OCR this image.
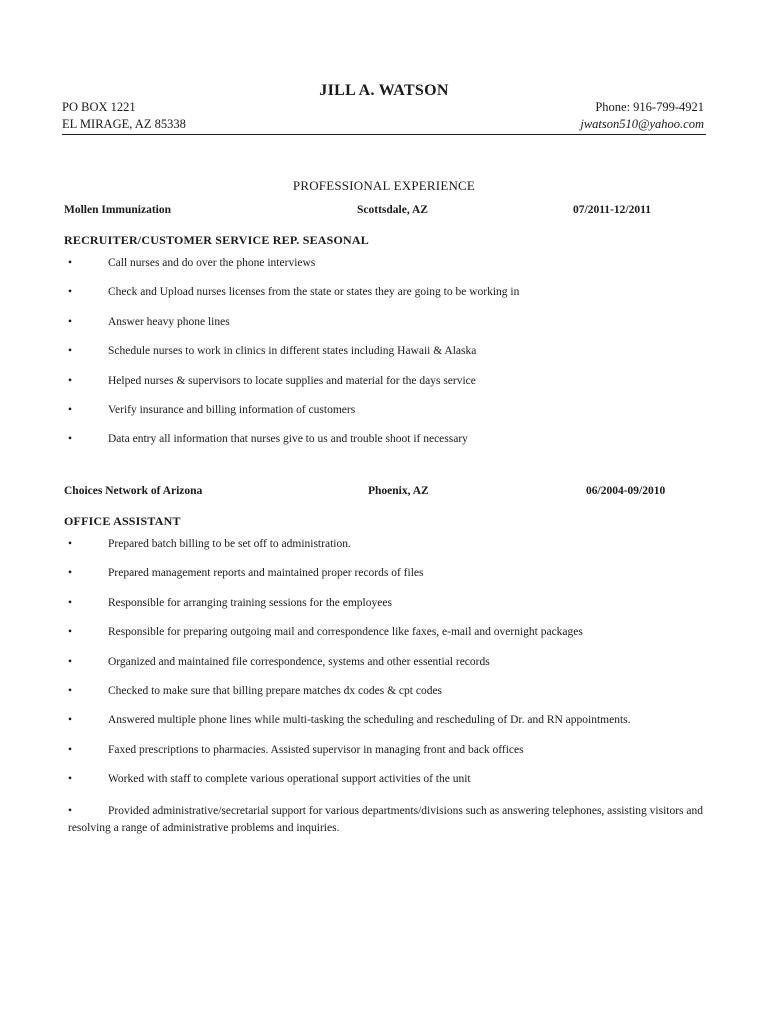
JILL A. WATSON
PO BOX 1221
EL MIRAGE, AZ 85338
Phone: 916-799-4921
jwatson510@yahoo.com
PROFESSIONAL EXPERIENCE
Mollen Immunization	Scottsdale, AZ	07/2011-12/2011
RECRUITER/CUSTOMER SERVICE REP. SEASONAL
•	Call nurses and do over the phone interviews
•	Check and Upload nurses licenses from the state or states they are going to be working in
•	Answer heavy phone lines
•	Schedule nurses to work in clinics in different states including Hawaii & Alaska
•	Helped nurses & supervisors to locate supplies and material for the days service
•	Verify insurance and billing information of customers
•	Data entry all information that nurses give to us and trouble shoot if necessary
Choices Network of Arizona	Phoenix, AZ	06/2004-09/2010
OFFICE ASSISTANT
•	Prepared batch billing to be set off to administration.
•	Prepared management reports and maintained proper records of files
•	Responsible for arranging training sessions for the employees
•	Responsible for preparing outgoing mail and correspondence like faxes, e-mail and overnight packages
•	Organized and maintained file correspondence, systems and other essential records
•	Checked to make sure that billing prepare matches dx codes & cpt codes
•	Answered multiple phone lines while multi-tasking the scheduling and rescheduling of Dr. and RN appointments.
•	Faxed prescriptions to pharmacies. Assisted supervisor in managing front and back offices
•	Worked with staff to complete various operational support activities of the unit
•	Provided administrative/secretarial support for various departments/divisions such as answering telephones, assisting visitors and resolving a range of administrative problems and inquiries.
